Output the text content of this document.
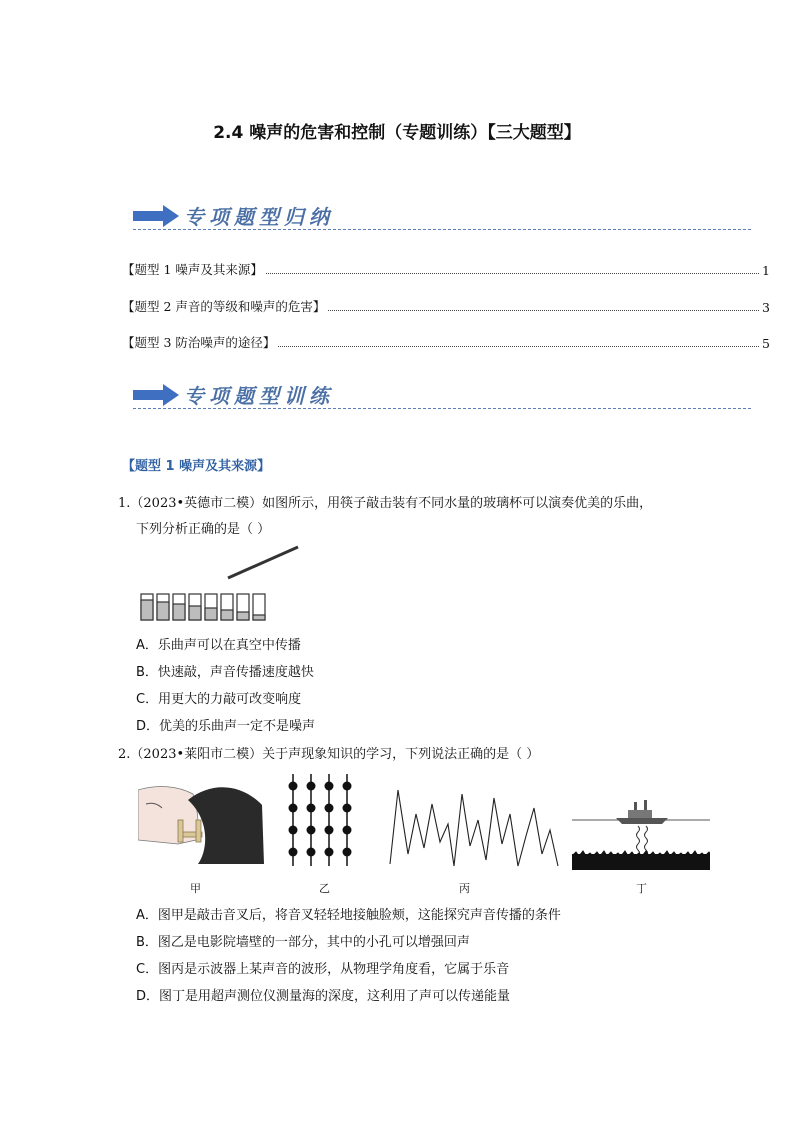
2.4 噪声的危害和控制（专题训练）【三大题型】
专项题型归纳
【题型 1 噪声及其来源】	1
【题型 2 声音的等级和噪声的危害】	3
【题型 3 防治噪声的途径】	5
专项题型训练
【题型 1 噪声及其来源】
1.（2023•英德市二模）如图所示，用筷子敲击装有不同水量的玻璃杯可以演奏优美的乐曲，
下列分析正确的是（ ）
A．乐曲声可以在真空中传播
B．快速敲，声音传播速度越快
C．用更大的力敲可改变响度
D．优美的乐曲声一定不是噪声
2.（2023•莱阳市二模）关于声现象知识的学习，下列说法正确的是（ ）
甲	乙	丙	丁
A．图甲是敲击音叉后，将音叉轻轻地接触脸颊，这能探究声音传播的条件
B．图乙是电影院墙壁的一部分，其中的小孔可以增强回声
C．图丙是示波器上某声音的波形，从物理学角度看，它属于乐音
D．图丁是用超声测位仪测量海的深度，这利用了声可以传递能量
